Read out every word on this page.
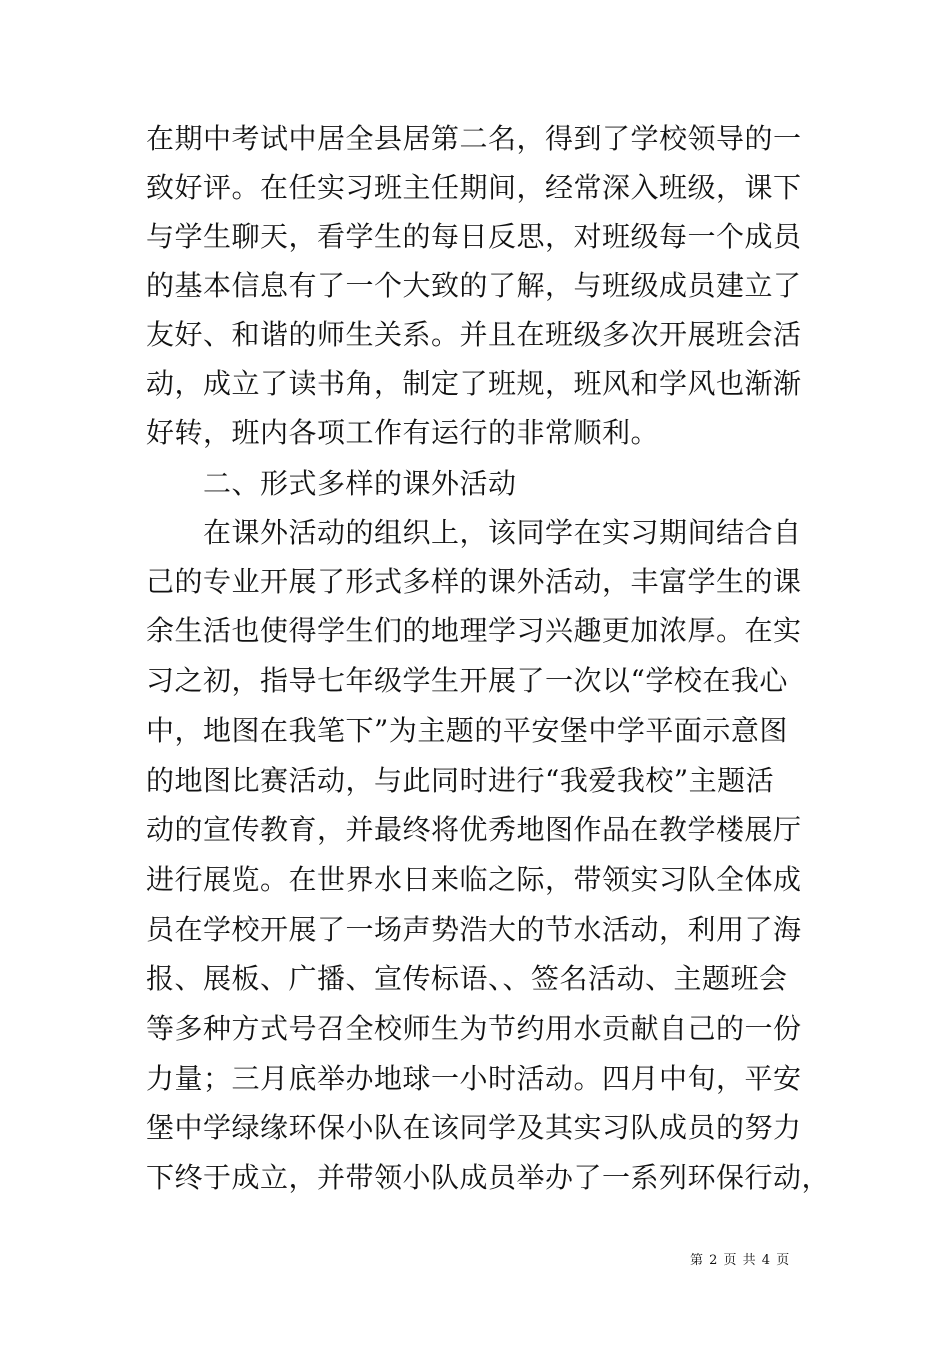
在期中考试中居全县居第二名，得到了学校领导的一
致好评。在任实习班主任期间，经常深入班级，课下
与学生聊天，看学生的每日反思，对班级每一个成员
的基本信息有了一个大致的了解，与班级成员建立了
友好、和谐的师生关系。并且在班级多次开展班会活
动，成立了读书角，制定了班规，班风和学风也渐渐
好转，班内各项工作有运行的非常顺利。
二、形式多样的课外活动
在课外活动的组织上，该同学在实习期间结合自
己的专业开展了形式多样的课外活动，丰富学生的课
余生活也使得学生们的地理学习兴趣更加浓厚。在实
习之初，指导七年级学生开展了一次以“学校在我心
中，地图在我笔下”为主题的平安堡中学平面示意图
的地图比赛活动，与此同时进行“我爱我校”主题活
动的宣传教育，并最终将优秀地图作品在教学楼展厅
进行展览。在世界水日来临之际，带领实习队全体成
员在学校开展了一场声势浩大的节水活动，利用了海
报、展板、广播、宣传标语、、签名活动、主题班会
等多种方式号召全校师生为节约用水贡献自己的一份
力量；三月底举办地球一小时活动。四月中旬，平安
堡中学绿缘环保小队在该同学及其实习队成员的努力
下终于成立，并带领小队成员举办了一系列环保行动，
第 2 页 共 4 页
